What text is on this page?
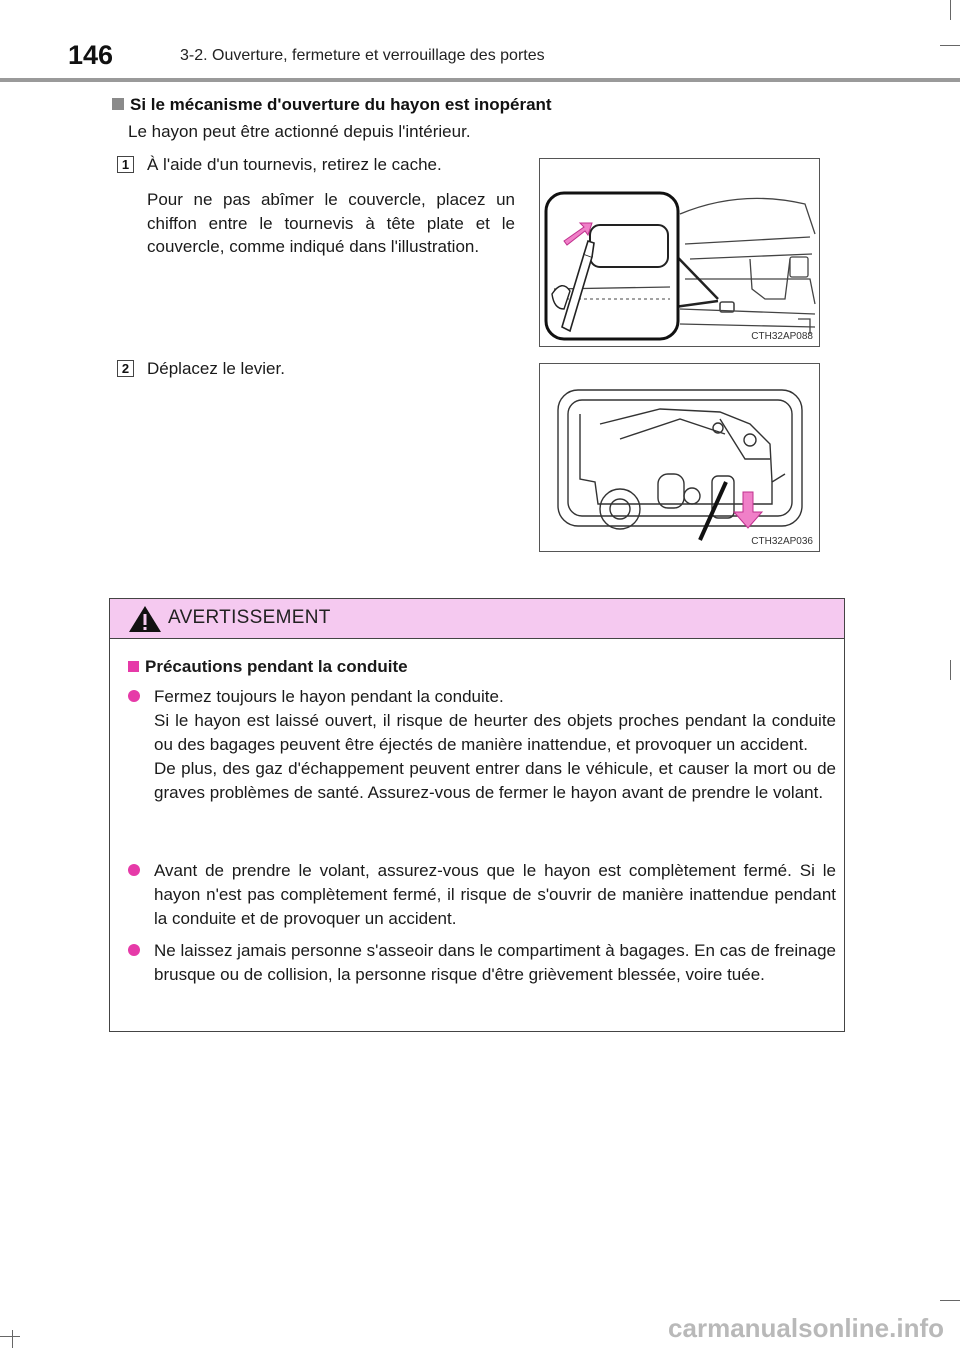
146	3-2. Ouverture, fermeture et verrouillage des portes
Si le mécanisme d'ouverture du hayon est inopérant
Le hayon peut être actionné depuis l'intérieur.
1 À l'aide d'un tournevis, retirez le cache.
Pour ne pas abîmer le couvercle, placez un chiffon entre le tournevis à tête plate et le couvercle, comme indiqué dans l'illustration.
CTH32AP088
2 Déplacez le levier.
CTH32AP036
AVERTISSEMENT
Précautions pendant la conduite

Fermez toujours le hayon pendant la conduite.

Si le hayon est laissé ouvert, il risque de heurter des objets proches pendant la conduite ou des bagages peuvent être éjectés de manière inattendue, et provoquer un accident.

De plus, des gaz d'échappement peuvent entrer dans le véhicule, et causer la mort ou de graves problèmes de santé. Assurez-vous de fermer le hayon avant de prendre le volant.

Avant de prendre le volant, assurez-vous que le hayon est complètement fermé. Si le hayon n'est pas complètement fermé, il risque de s'ouvrir de manière inattendue pendant la conduite et de provoquer un accident.

Ne laissez jamais personne s'asseoir dans le compartiment à bagages. En cas de freinage brusque ou de collision, la personne risque d'être grièvement blessée, voire tuée.

carmanualsonline.info
